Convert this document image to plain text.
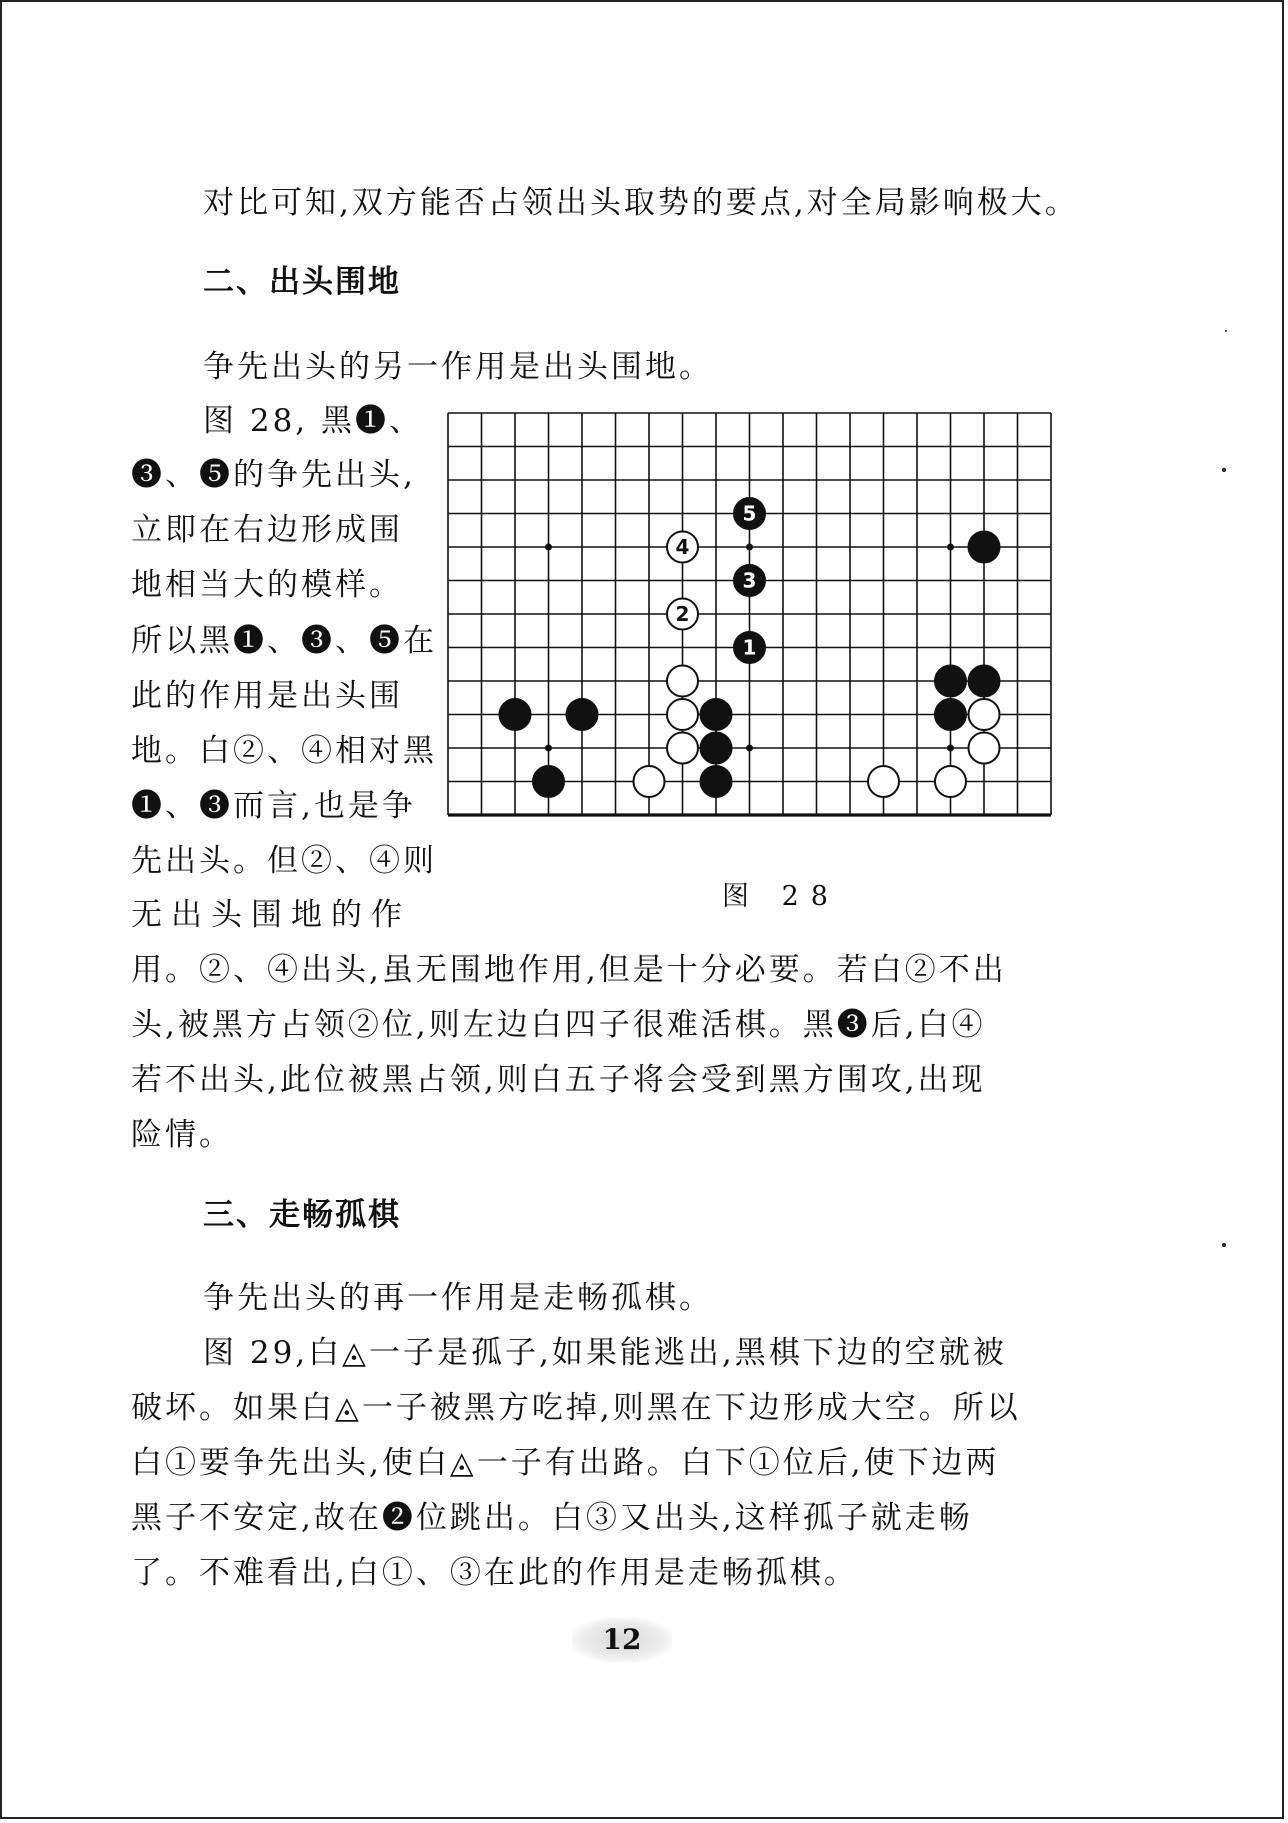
对比可知,双方能否占领出头取势的要点,对全局影响极大。
二、出头围地
争先出头的另一作用是出头围地。
图 28, 黑❶、
❸、❺的争先出头,
立即在右边形成围
地相当大的模样。
所以黑❶、❸、❺在
此的作用是出头围
地。白②、④相对黑
❶、❸而言,也是争
先出头。但②、④则
无出头围地的作
1
2
3
4
5
图 28
用。②、④出头,虽无围地作用,但是十分必要。若白②不出
头,被黑方占领②位,则左边白四子很难活棋。黑❸后,白④
若不出头,此位被黑占领,则白五子将会受到黑方围攻,出现
险情。
三、走畅孤棋
争先出头的再一作用是走畅孤棋。
图 29,白◬一子是孤子,如果能逃出,黑棋下边的空就被
破坏。如果白◬一子被黑方吃掉,则黑在下边形成大空。所以
白①要争先出头,使白◬一子有出路。白下①位后,使下边两
黑子不安定,故在❷位跳出。白③又出头,这样孤子就走畅
了。不难看出,白①、③在此的作用是走畅孤棋。
12
